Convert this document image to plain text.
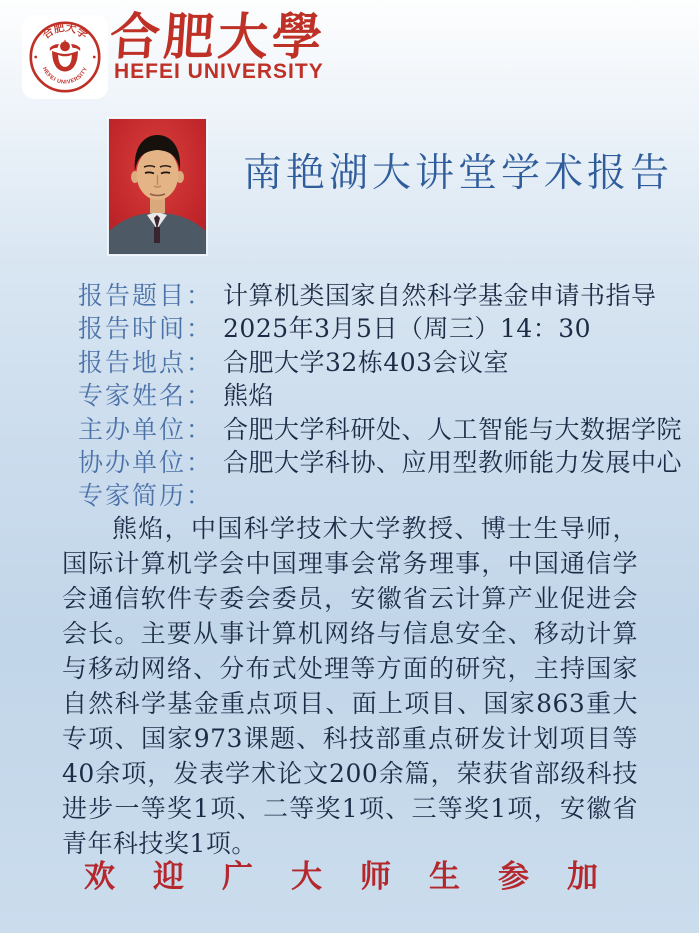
合肥大学
HEFEI UNIVERSITY
合肥大學
HEFEI UNIVERSITY
南艳湖大讲堂学术报告
报告题目： 计算机类国家自然科学基金申请书指导
报告时间： 2025年3月5日（周三）14：30
报告地点： 合肥大学32栋403会议室
专家姓名： 熊焰
主办单位： 合肥大学科研处、人工智能与大数据学院
协办单位： 合肥大学科协、应用型教师能力发展中心
专家简历：
熊焰，中国科学技术大学教授、博士生导师，国际计算机学会中国理事会常务理事，中国通信学会通信软件专委会委员，安徽省云计算产业促进会会长。主要从事计算机网络与信息安全、移动计算与移动网络、分布式处理等方面的研究，主持国家自然科学基金重点项目、面上项目、国家863重大专项、国家973课题、科技部重点研发计划项目等40余项，发表学术论文200余篇，荣获省部级科技进步一等奖1项、二等奖1项、三等奖1项，安徽省青年科技奖1项。
欢迎广大师生参加
